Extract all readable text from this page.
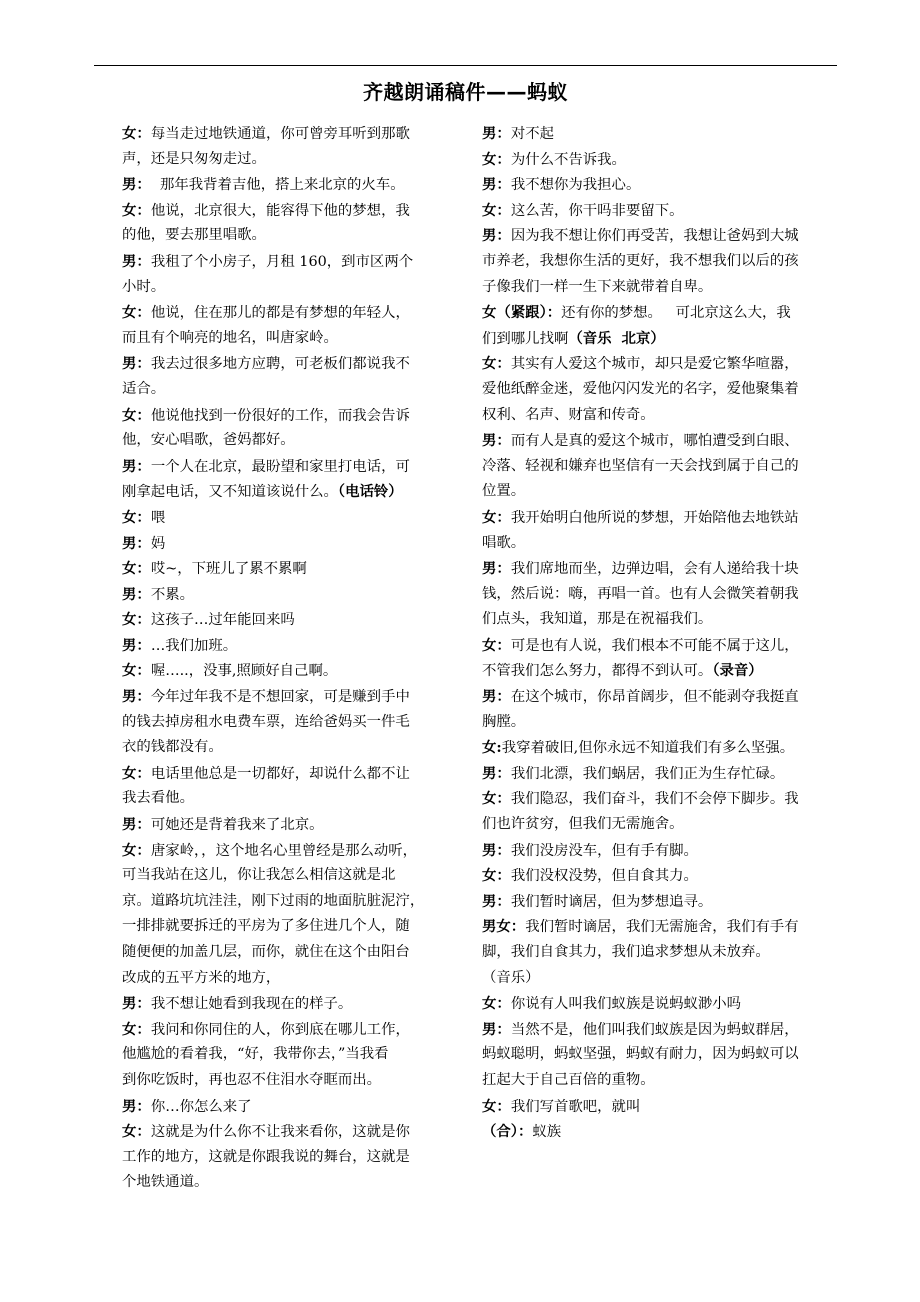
齐越朗诵稿件——蚂蚁
女：每当走过地铁通道，你可曾旁耳听到那歌
声，还是只匆匆走过。
男：  那年我背着吉他，搭上来北京的火车。
女：他说，北京很大，能容得下他的梦想，我
的他，要去那里唱歌。
男：我租了个小房子，月租 160，到市区两个
小时。
女：他说，住在那儿的都是有梦想的年轻人，
而且有个响亮的地名，叫唐家岭。
男：我去过很多地方应聘，可老板们都说我不
适合。
女：他说他找到一份很好的工作，而我会告诉
他，安心唱歌，爸妈都好。
男：一个人在北京，最盼望和家里打电话，可
刚拿起电话，又不知道该说什么。（电话铃）
女：喂
男：妈
女：哎~，下班儿了累不累啊
男：不累。
女：这孩子…过年能回来吗
男：…我们加班。
女：喔…..，没事,照顾好自己啊。
男：今年过年我不是不想回家，可是赚到手中
的钱去掉房租水电费车票，连给爸妈买一件毛
衣的钱都没有。
女：电话里他总是一切都好，却说什么都不让
我去看他。
男：可她还是背着我来了北京。
女：唐家岭，，这个地名心里曾经是那么动听，
可当我站在这儿，你让我怎么相信这就是北
京。道路坑坑洼洼，刚下过雨的地面肮脏泥泞，
一排排就要拆迁的平房为了多住进几个人，随
随便便的加盖几层，而你，就住在这个由阳台
改成的五平方米的地方，
男：我不想让她看到我现在的样子。
女：我问和你同住的人，你到底在哪儿工作，
他尴尬的看着我，“好，我带你去，”当我看
到你吃饭时，再也忍不住泪水夺眶而出。
男：你…你怎么来了
女：这就是为什么你不让我来看你，这就是你
工作的地方，这就是你跟我说的舞台，这就是
个地铁通道。
男：对不起
女：为什么不告诉我。
男：我不想你为我担心。
女：这么苦，你干吗非要留下。
男：因为我不想让你们再受苦，我想让爸妈到大城
市养老，我想你生活的更好，我不想我们以后的孩
子像我们一样一生下来就带着自卑。
女（紧跟）：还有你的梦想。   可北京这么大，我
们到哪儿找啊（音乐  北京）
女：其实有人爱这个城市，却只是爱它繁华喧嚣，
爱他纸醉金迷，爱他闪闪发光的名字，爱他聚集着
权利、名声、财富和传奇。
男：而有人是真的爱这个城市，哪怕遭受到白眼、
冷落、轻视和嫌弃也坚信有一天会找到属于自己的
位置。
女：我开始明白他所说的梦想，开始陪他去地铁站
唱歌。
男：我们席地而坐，边弹边唱，会有人递给我十块
钱，然后说：嗨，再唱一首。也有人会微笑着朝我
们点头，我知道，那是在祝福我们。
女：可是也有人说，我们根本不可能不属于这儿，
不管我们怎么努力，都得不到认可。（录音）
男：在这个城市，你昂首阔步，但不能剥夺我挺直
胸膛。
女:我穿着破旧,但你永远不知道我们有多么坚强。
男：我们北漂，我们蜗居，我们正为生存忙碌。
女：我们隐忍，我们奋斗，我们不会停下脚步。我
们也许贫穷，但我们无需施舍。
男：我们没房没车，但有手有脚。
女：我们没权没势，但自食其力。
男：我们暂时谪居，但为梦想追寻。
男女：我们暂时谪居，我们无需施舍，我们有手有
脚，我们自食其力，我们追求梦想从未放弃。
（音乐）
女：你说有人叫我们蚁族是说蚂蚁渺小吗
男：当然不是，他们叫我们蚁族是因为蚂蚁群居，
蚂蚁聪明，蚂蚁坚强，蚂蚁有耐力，因为蚂蚁可以
扛起大于自己百倍的重物。
女：我们写首歌吧，就叫
（合）：蚁族
